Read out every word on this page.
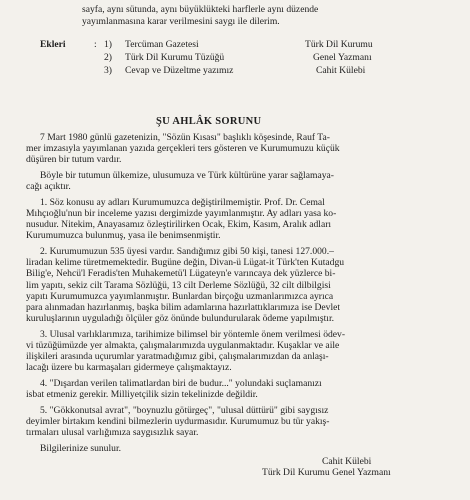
sayfa, aynı sütunda, aynı büyüklükteki harflerle aynı düzende
yayımlanmasına karar verilmesini saygı ile dilerim.
Ekleri	: 1) Tercüman Gazetesi	Türk Dil Kurumu
2) Türk Dil Kurumu Tüzüğü	Genel Yazmanı
3) Cevap ve Düzeltme yazımız	Cahit Külebi
ŞU AHLÂK SORUNU
7 Mart 1980 günlü gazetenizin, "Sözün Kısası" başlıklı köşesinde, Rauf Ta-
mer imzasıyla yayımlanan yazıda gerçekleri ters gösteren ve Kurumumuzu küçük
düşüren bir tutum vardır.
Böyle bir tutumun ülkemize, ulusumuza ve Türk kültürüne yarar sağlamaya-
cağı açıktır.
1. Söz konusu ay adları Kurumumuzca değiştirilmemiştir. Prof. Dr. Cemal
Mıhçıoğlu'nun bir inceleme yazısı dergimizde yayımlanmıştır. Ay adları yasa ko-
nusudur. Nitekim, Anayasamız özleştirilirken Ocak, Ekim, Kasım, Aralık adları
Kurumumuzca bulunmuş, yasa ile benimsenmiştir.
2. Kurumumuzun 535 üyesi vardır. Sandığımız gibi 50 kişi, tanesi 127.000.–
liradan kelime türetmemektedir. Bugüne değin, Divan-ü Lügat-it Türk'ten Kutadgu
Bilig'e, Nehcü'l Feradis'ten Muhakemetü'l Lügateyn'e varıncaya dek yüzlerce bi-
lim yapıtı, sekiz cilt Tarama Sözlüğü, 13 cilt Derleme Sözlüğü, 32 cilt dilbilgisi
yapıtı Kurumumuzca yayımlanmıştır. Bunlardan birçoğu uzmanlarımızca ayrıca
para alınmadan hazırlanmış, başka bilim adamlarına hazırlattıklarımıza ise Devlet
kuruluşlarının uyguladığı ölçüler göz önünde bulundurularak ödeme yapılmıştır.
3. Ulusal varlıklarımıza, tarihimize bilimsel bir yöntemle önem verilmesi ödev-
vi tüzüğümüzde yer almakta, çalışmalarımızda uygulanmaktadır. Kuşaklar ve aile
ilişkileri arasında uçurumlar yaratmadığımız gibi, çalışmalarımızdan da anlaşı-
lacağı üzere bu karmaşaları gidermeye çalışmaktayız.
4. "Dışardan verilen talimatlardan biri de budur..." yolundaki suçlamanızı
isbat etmeniz gerekir. Milliyetçilik sizin tekelinizde değildir.
5. "Gökkonutsal avrat", "boynuzlu götürgeç", "ulusal düttürü" gibi saygısız
deyimler birtakım kendini bilmezlerin uydurmasıdır. Kurumumuz bu tür yakış-
tırmaları ulusal varlığımıza saygısızlık sayar.
Bilgilerinize sunulur.
Cahit Külebi
Türk Dil Kurumu Genel Yazmanı
